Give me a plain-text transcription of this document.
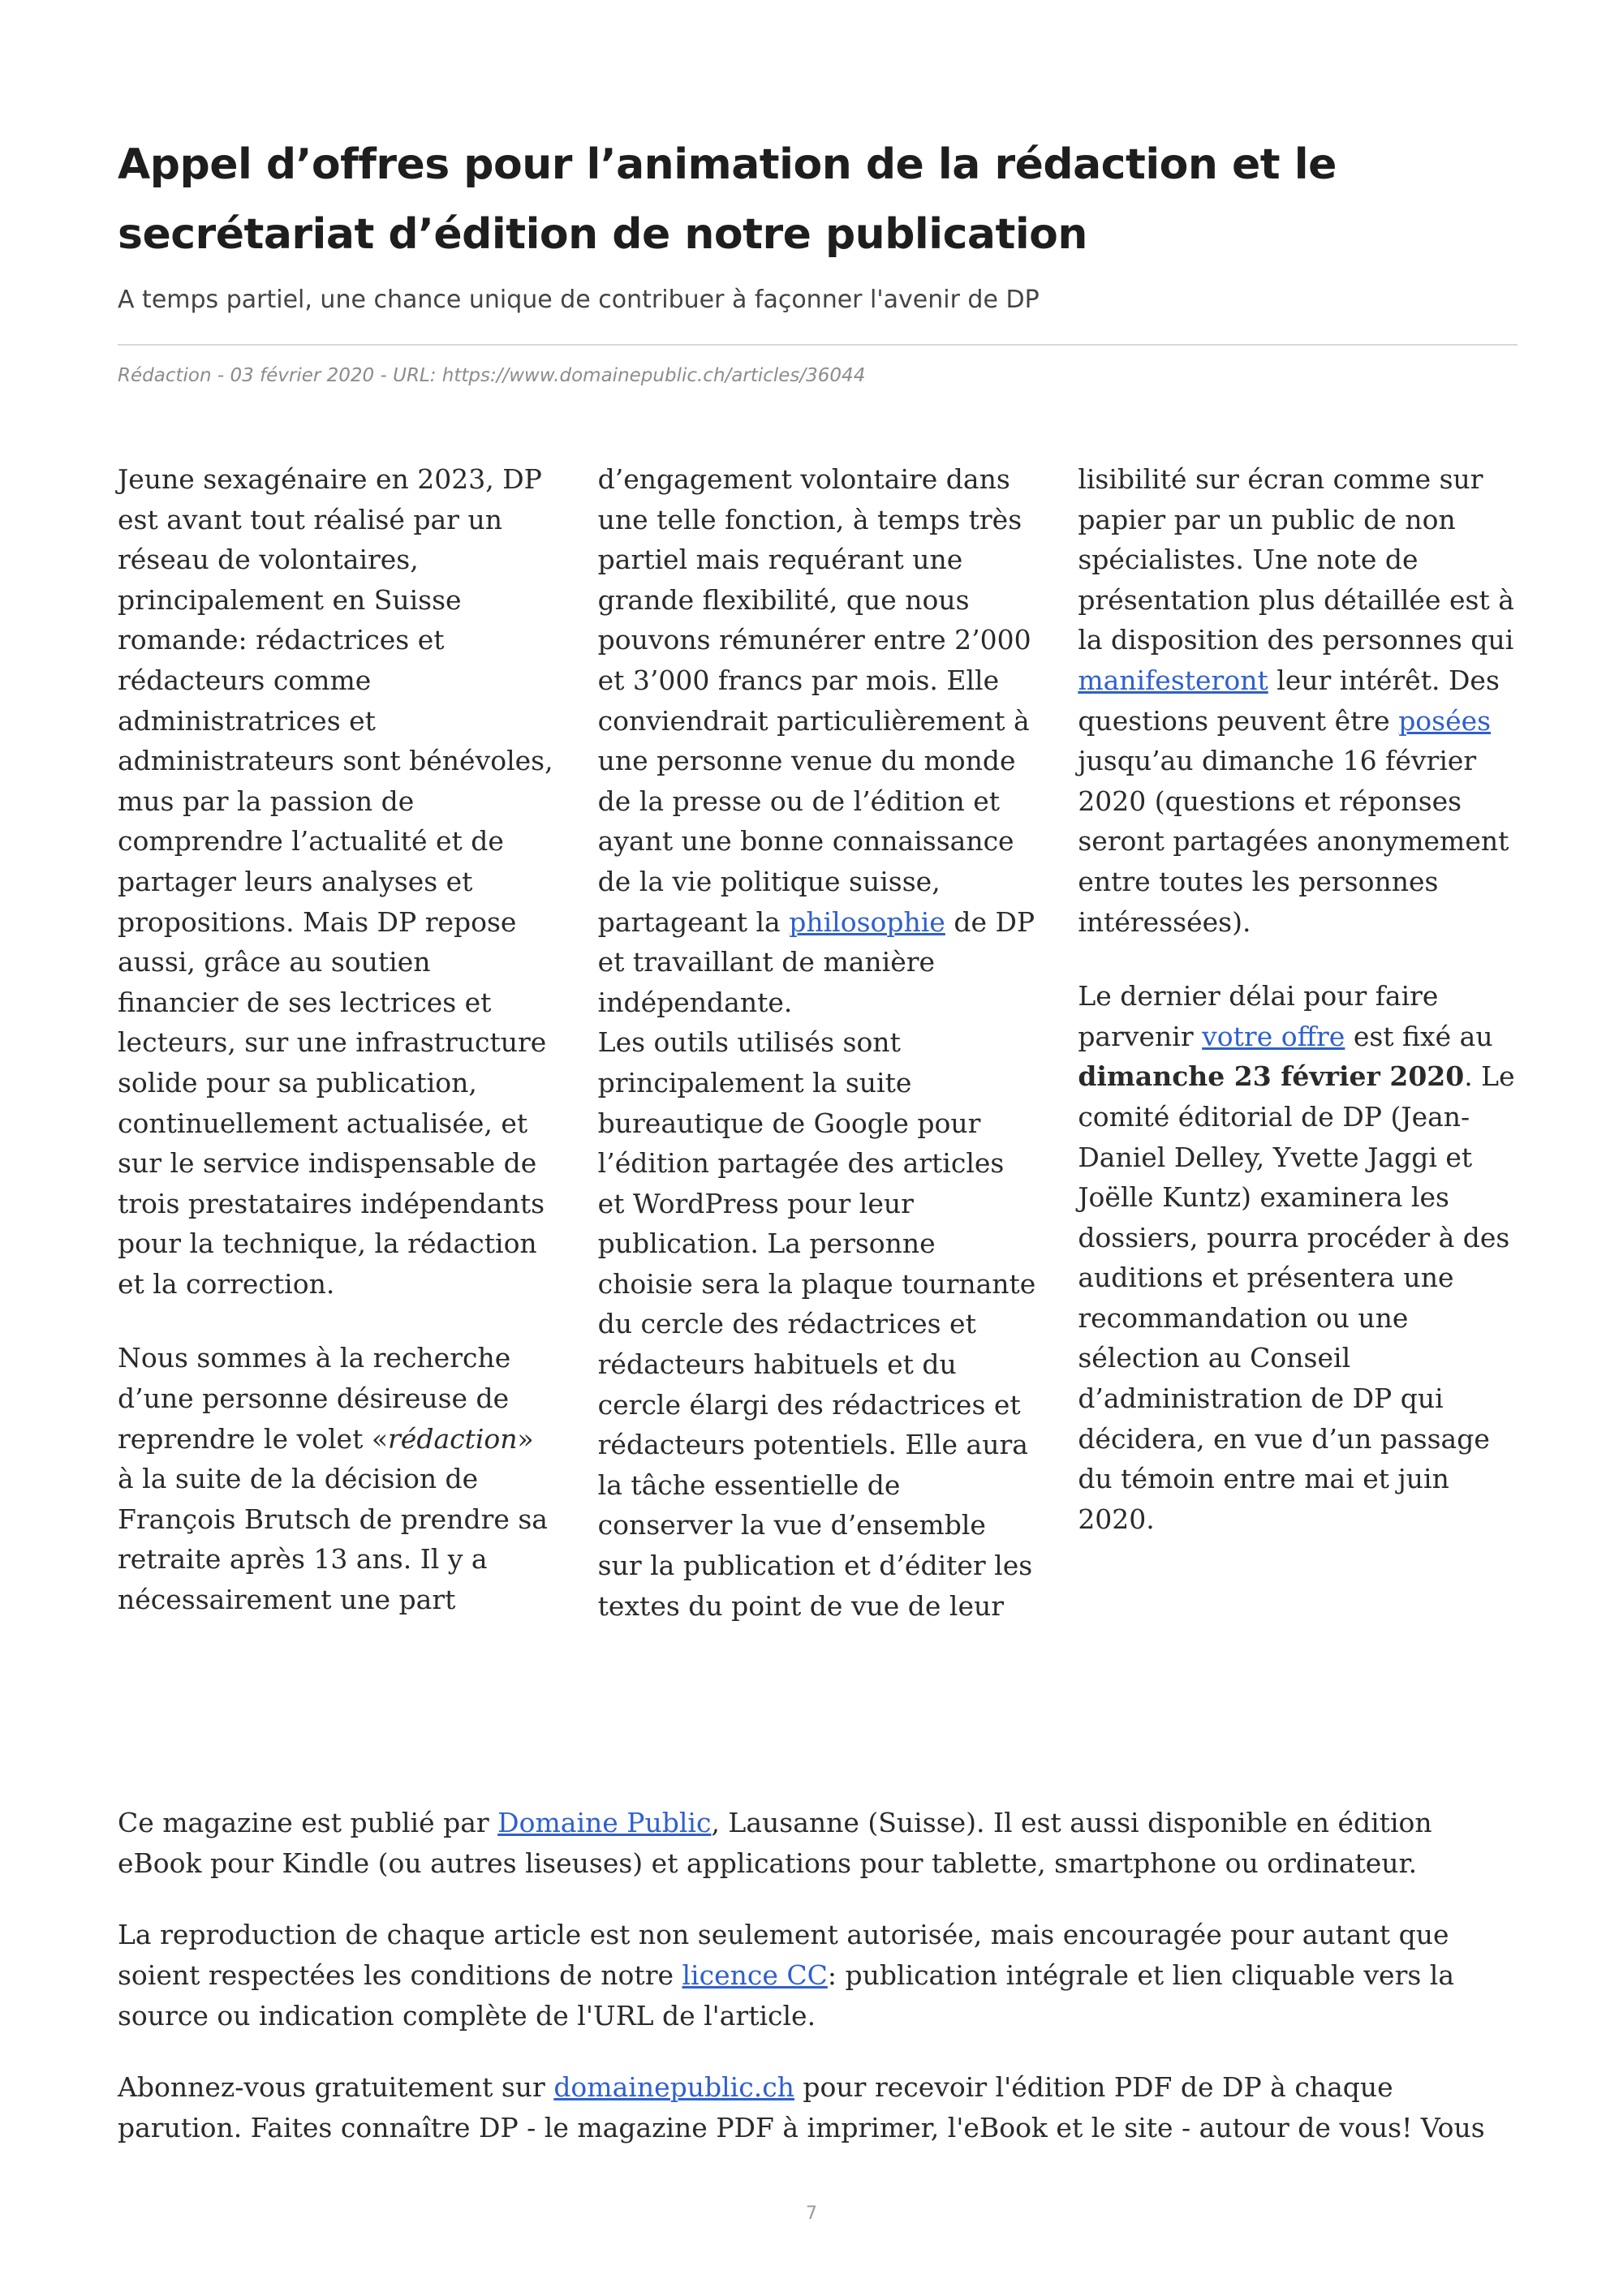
Appel d’offres pour l’animation de la rédaction et le secrétariat d’édition de notre publication
A temps partiel, une chance unique de contribuer à façonner l'avenir de DP
Rédaction - 03 février 2020 - URL: https://www.domainepublic.ch/articles/36044

Jeune sexagénaire en 2023, DP est avant tout réalisé par un réseau de volontaires, principalement en Suisse romande: rédactrices et rédacteurs comme administratrices et administrateurs sont bénévoles, mus par la passion de comprendre l’actualité et de partager leurs analyses et propositions. Mais DP repose aussi, grâce au soutien financier de ses lectrices et lecteurs, sur une infrastructure solide pour sa publication, continuellement actualisée, et sur le service indispensable de trois prestataires indépendants pour la technique, la rédaction et la correction.

Nous sommes à la recherche d’une personne désireuse de reprendre le volet «rédaction» à la suite de la décision de François Brutsch de prendre sa retraite après 13 ans. Il y a nécessairement une part d’engagement volontaire dans une telle fonction, à temps très partiel mais requérant une grande flexibilité, que nous pouvons rémunérer entre 2’000 et 3’000 francs par mois. Elle conviendrait particulièrement à une personne venue du monde de la presse ou de l’édition et ayant une bonne connaissance de la vie politique suisse, partageant la philosophie de DP et travaillant de manière indépendante.

Les outils utilisés sont principalement la suite bureautique de Google pour l’édition partagée des articles et WordPress pour leur publication. La personne choisie sera la plaque tournante du cercle des rédactrices et rédacteurs habituels et du cercle élargi des rédactrices et rédacteurs potentiels. Elle aura la tâche essentielle de conserver la vue d’ensemble sur la publication et d’éditer les textes du point de vue de leur lisibilité sur écran comme sur papier par un public de non spécialistes. Une note de présentation plus détaillée est à la disposition des personnes qui manifesteront leur intérêt. Des questions peuvent être posées jusqu’au dimanche 16 février 2020 (questions et réponses seront partagées anonymement entre toutes les personnes intéressées).

Le dernier délai pour faire parvenir votre offre est fixé au dimanche 23 février 2020. Le comité éditorial de DP (Jean-Daniel Delley, Yvette Jaggi et Joëlle Kuntz) examinera les dossiers, pourra procéder à des auditions et présentera une recommandation ou une sélection au Conseil d’administration de DP qui décidera, en vue d’un passage du témoin entre mai et juin 2020.

Ce magazine est publié par Domaine Public, Lausanne (Suisse). Il est aussi disponible en édition eBook pour Kindle (ou autres liseuses) et applications pour tablette, smartphone ou ordinateur.

La reproduction de chaque article est non seulement autorisée, mais encouragée pour autant que soient respectées les conditions de notre licence CC: publication intégrale et lien cliquable vers la source ou indication complète de l'URL de l'article.

Abonnez-vous gratuitement sur domainepublic.ch pour recevoir l'édition PDF de DP à chaque parution. Faites connaître DP - le magazine PDF à imprimer, l'eBook et le site - autour de vous! Vous

7
